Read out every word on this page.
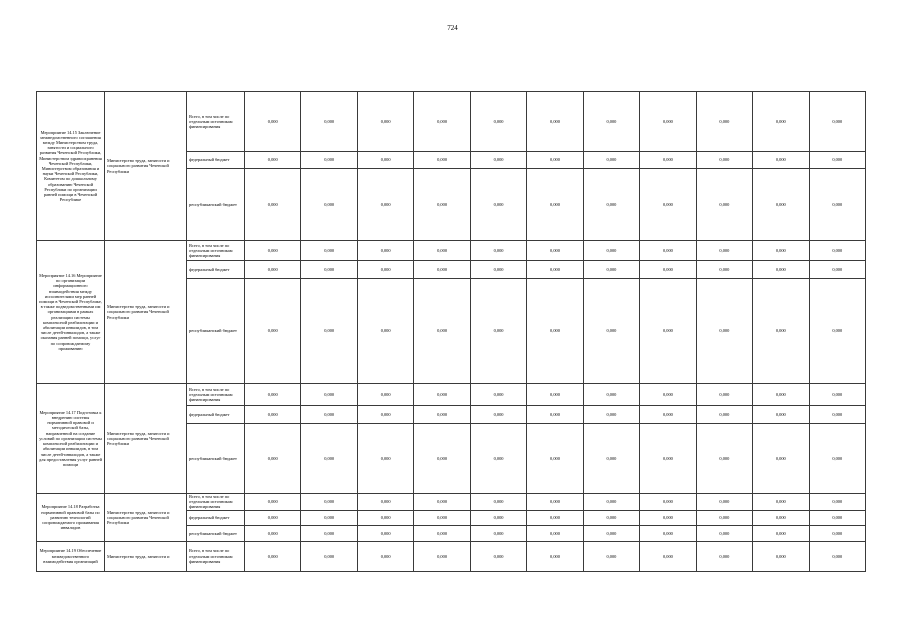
724
Мероприятие 14.15 Заключение межведомственного соглашения между Министерством труда, занятости и социального развития Чеченской Республики, Министерством здравоохранения Чеченской Республики, Министерством образования и науки Чеченской Республики, Комитетом по дошкольному образованию Чеченской Республики по организации ранней помощи в Чеченской Республике	Министерство труда, занятости и социального развития Чеченской Республики	Всего, в том числе по отдельным источникам финансирования	0,000	0,000	0,000	0,000	0,000	0,000	0,000	0,000	0,000	0,000	0,000
		федеральный бюджет	0,000	0,000	0,000	0,000	0,000	0,000	0,000	0,000	0,000	0,000	0,000
		республиканский бюджет	0,000	0,000	0,000	0,000	0,000	0,000	0,000	0,000	0,000	0,000	0,000
Мероприятие 14.16 Мероприятие по организации информационного взаимодействия между исполнителями мер ранней помощи в Чеченской Республике, в также подведомственными им организациями в рамках реализации системы комплексной реабилитации и абилитации инвалидов, в том числе детей-инвалидов, а также оказания ранней помощи, услуг по сопровождаемому проживанию	Министерство труда, занятости и социального развития Чеченской Республики	Всего, в том числе по отдельным источникам финансирования	0,000	0,000	0,000	0,000	0,000	0,000	0,000	0,000	0,000	0,000	0,000
		федеральный бюджет	0,000	0,000	0,000	0,000	0,000	0,000	0,000	0,000	0,000	0,000	0,000
		республиканский бюджет	0,000	0,000	0,000	0,000	0,000	0,000	0,000	0,000	0,000	0,000	0,000
Мероприятие 14.17 Подготовка к внедрению системы нормативной правовой и методической базы, направленной на создание условий по организации системы комплексной реабилитации и абилитации инвалидов, в том числе детей-инвалидов, а также для предоставления услуг ранней помощи	Министерство труда, занятости и социального развития Чеченской Республики	Всего, в том числе по отдельным источникам финансирования	0,000	0,000	0,000	0,000	0,000	0,000	0,000	0,000	0,000	0,000	0,000
		федеральный бюджет	0,000	0,000	0,000	0,000	0,000	0,000	0,000	0,000	0,000	0,000	0,000
		республиканский бюджет	0,000	0,000	0,000	0,000	0,000	0,000	0,000	0,000	0,000	0,000	0,000
Мероприятие 14.18 Разработка нормативной правовой базы по развитию технологий сопровождаемого проживания инвалидов	Министерство труда, занятости и социального развития Чеченской Республики	Всего, в том числе по отдельным источникам финансирования	0,000	0,000	0,000	0,000	0,000	0,000	0,000	0,000	0,000	0,000	0,000
		федеральный бюджет	0,000	0,000	0,000	0,000	0,000	0,000	0,000	0,000	0,000	0,000	0,000
		республиканский бюджет	0,000	0,000	0,000	0,000	0,000	0,000	0,000	0,000	0,000	0,000	0,000
Мероприятие 14.19 Обеспечение межведомственного взаимодействия организаций	Министерство труда, занятости и	Всего, в том числе по отдельным источникам финансирования	0,000	0,000	0,000	0,000	0,000	0,000	0,000	0,000	0,000	0,000	0,000
